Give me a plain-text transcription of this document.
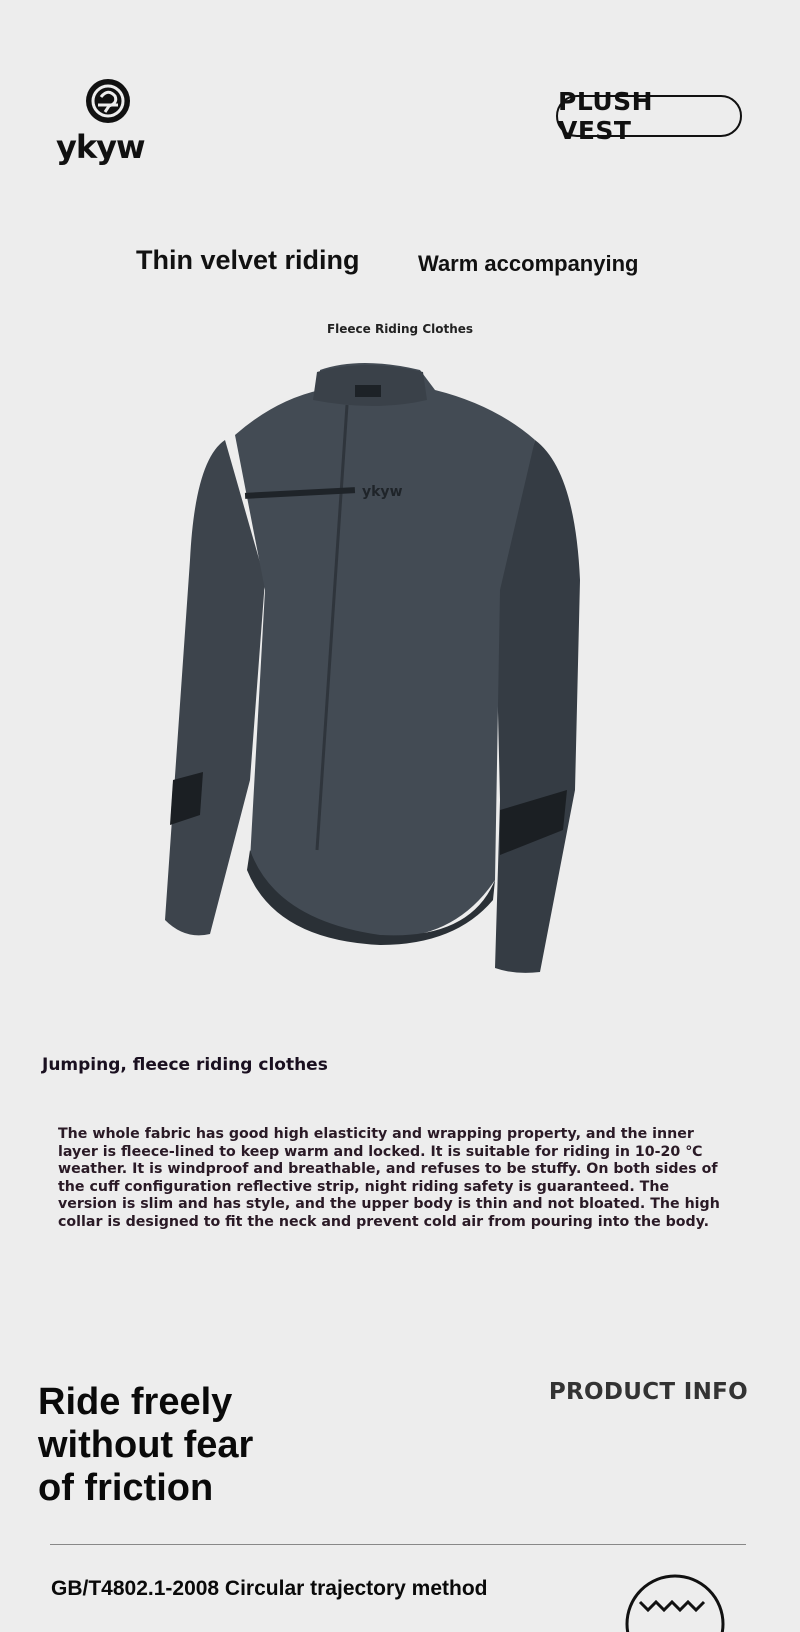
ykyw
PLUSH VEST
Thin velvet riding	Warm accompanying
Fleece Riding Clothes
ykyw
Jumping, fleece riding clothes
The whole fabric has good high elasticity and wrapping property, and the inner
layer is fleece-lined to keep warm and locked. It is suitable for riding in 10-20 ℃
weather. It is windproof and breathable, and refuses to be stuffy. On both sides of
the cuff configuration reflective strip, night riding safety is guaranteed. The
version is slim and has style, and the upper body is thin and not bloated. The high
collar is designed to fit the neck and prevent cold air from pouring into the body.
Ride freely
without fear
of friction
PRODUCT INFO
GB/T4802.1-2008 Circular trajectory method
